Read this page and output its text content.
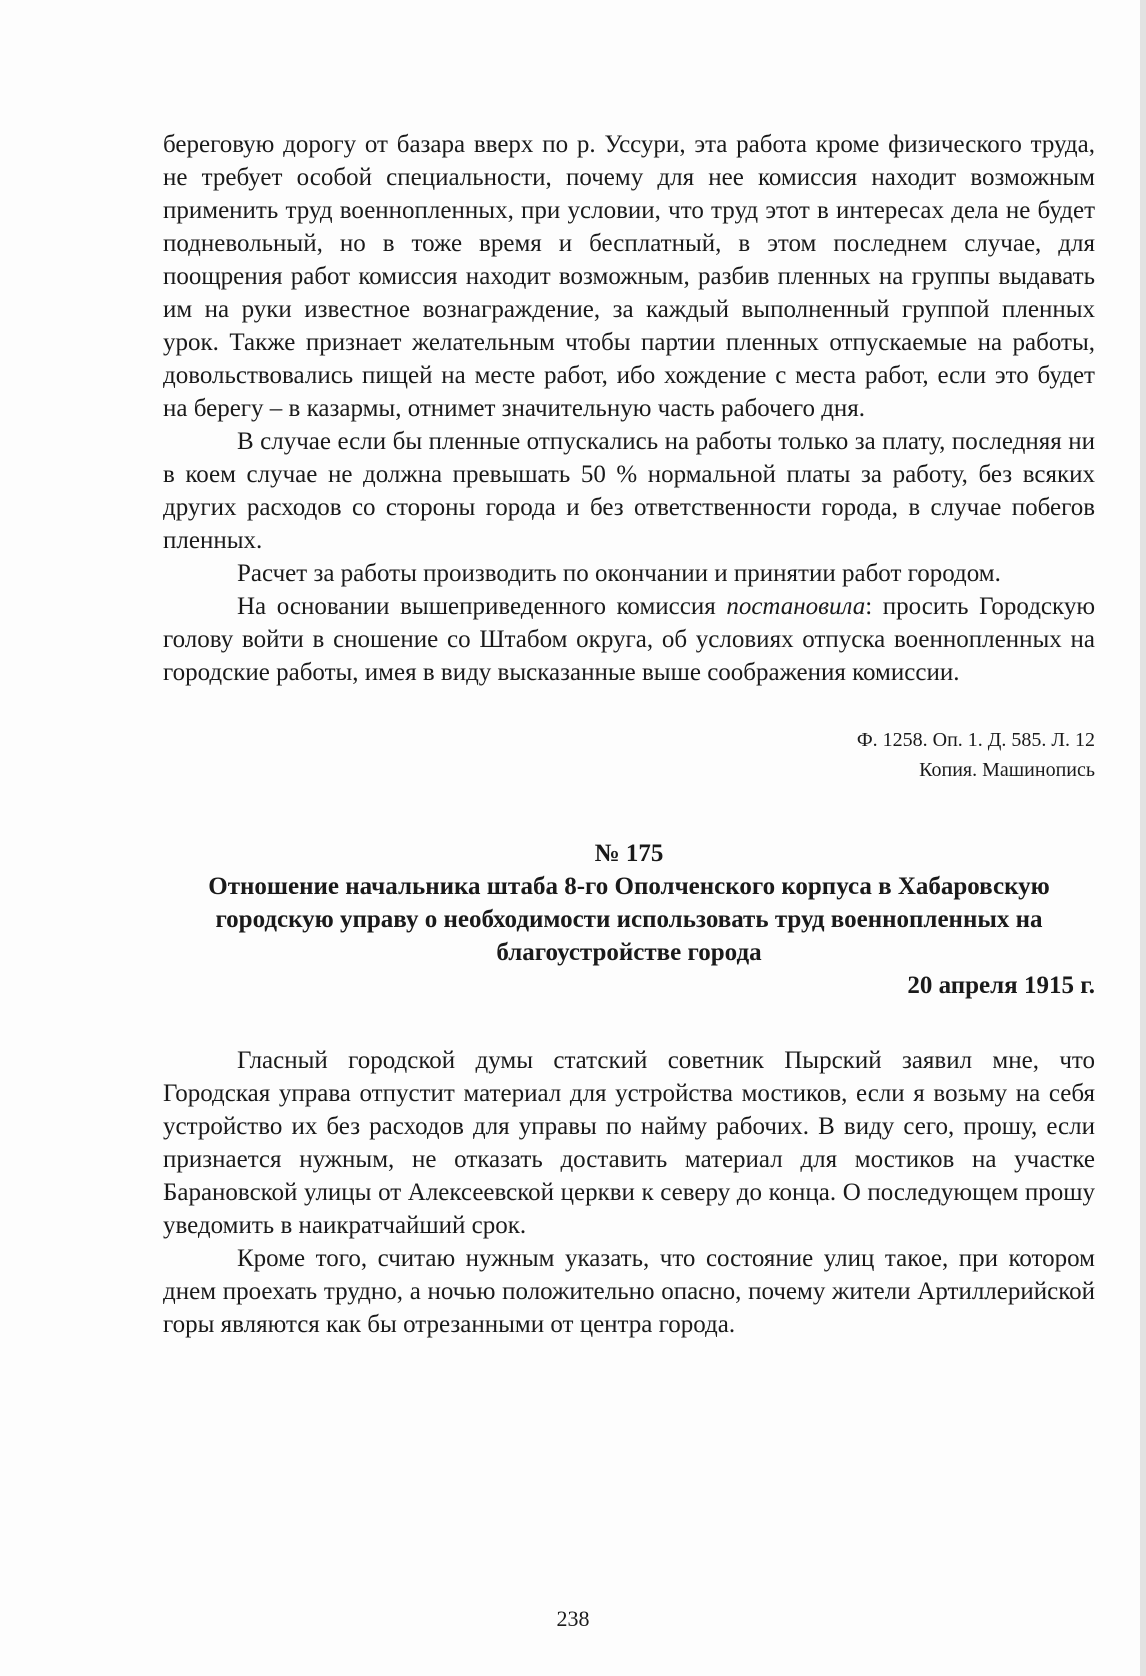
береговую дорогу от базара вверх по р. Уссури, эта работа кроме физического труда, не требует особой специальности, почему для нее комиссия находит возможным применить труд военнопленных, при условии, что труд этот в интересах дела не будет подневольный, но в тоже время и бесплатный, в этом последнем случае, для поощрения работ комиссия находит возможным, разбив пленных на группы выдавать им на руки известное вознаграждение, за каждый выполненный группой пленных урок. Также признает желательным чтобы партии пленных отпускаемые на работы, довольствовались пищей на месте работ, ибо хождение с места работ, если это будет на берегу – в казармы, отнимет значительную часть рабочего дня.

В случае если бы пленные отпускались на работы только за плату, последняя ни в коем случае не должна превышать 50 % нормальной платы за работу, без всяких других расходов со стороны города и без ответственности города, в случае побегов пленных.

Расчет за работы производить по окончании и принятии работ городом.

На основании вышеприведенного комиссия постановила: просить Городскую голову войти в сношение со Штабом округа, об условиях отпуска военнопленных на городские работы, имея в виду высказанные выше соображения комиссии.

Ф. 1258. Оп. 1. Д. 585. Л. 12
Копия. Машинопись
№ 175

Отношение начальника штаба 8-го Ополченского корпуса в Хабаровскую городскую управу о необходимости использовать труд военнопленных на благоустройстве города

20 апреля 1915 г.

Гласный городской думы статский советник Пырский заявил мне, что Городская управа отпустит материал для устройства мостиков, если я возьму на себя устройство их без расходов для управы по найму рабочих. В виду сего, прошу, если признается нужным, не отказать доставить материал для мостиков на участке Барановской улицы от Алексеевской церкви к северу до конца. О последующем прошу уведомить в наикратчайший срок.

Кроме того, считаю нужным указать, что состояние улиц такое, при котором днем проехать трудно, а ночью положительно опасно, почему жители Артиллерийской горы являются как бы отрезанными от центра города.

238
